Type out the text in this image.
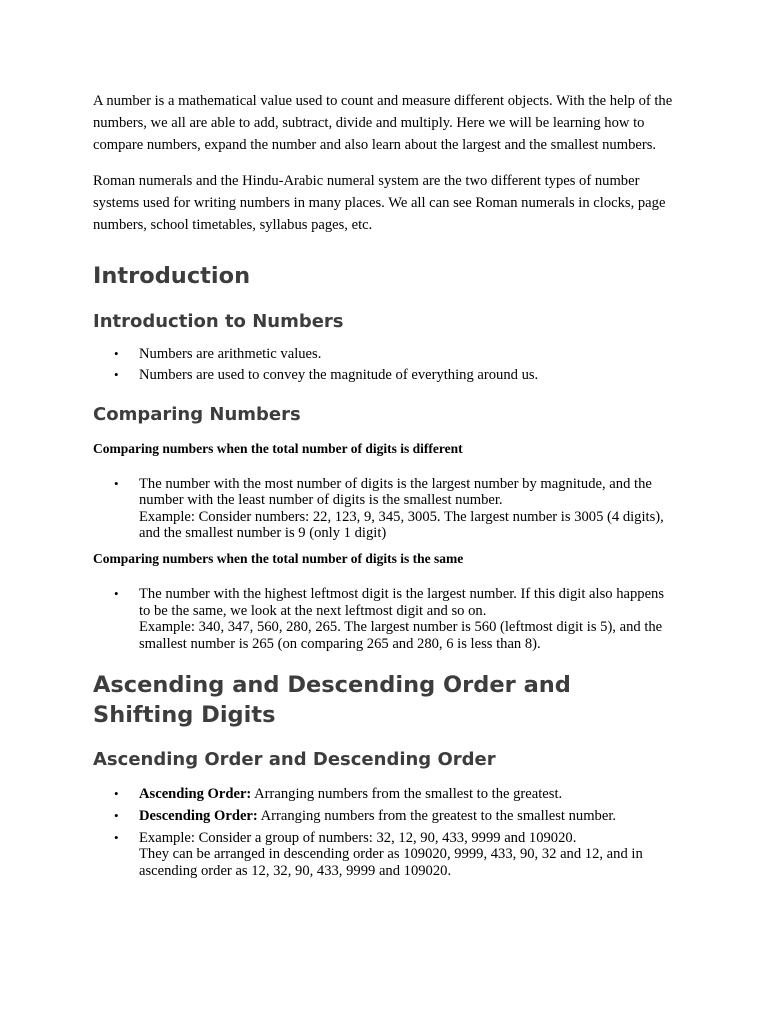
A number is a mathematical value used to count and measure different objects. With the help of the numbers, we all are able to add, subtract, divide and multiply. Here we will be learning how to compare numbers, expand the number and also learn about the largest and the smallest numbers.

Roman numerals and the Hindu-Arabic numeral system are the two different types of number systems used for writing numbers in many places. We all can see Roman numerals in clocks, page numbers, school timetables, syllabus pages, etc.

Introduction
Introduction to Numbers
• Numbers are arithmetic values.
• Numbers are used to convey the magnitude of everything around us.
Comparing Numbers

Comparing numbers when the total number of digits is different

• The number with the most number of digits is the largest number by magnitude, and the number with the least number of digits is the smallest number.
Example: Consider numbers: 22, 123, 9, 345, 3005. The largest number is 3005 (4 digits), and the smallest number is 9 (only 1 digit)

Comparing numbers when the total number of digits is the same

• The number with the highest leftmost digit is the largest number. If this digit also happens to be the same, we look at the next leftmost digit and so on.
Example: 340, 347, 560, 280, 265. The largest number is 560 (leftmost digit is 5), and the smallest number is 265 (on comparing 265 and 280, 6 is less than 8).
Ascending and Descending Order and Shifting Digits
Ascending Order and Descending Order
• Ascending Order: Arranging numbers from the smallest to the greatest.
• Descending Order: Arranging numbers from the greatest to the smallest number.
• Example: Consider a group of numbers: 32, 12, 90, 433, 9999 and 109020.
They can be arranged in descending order as 109020, 9999, 433, 90, 32 and 12, and in ascending order as 12, 32, 90, 433, 9999 and 109020.
